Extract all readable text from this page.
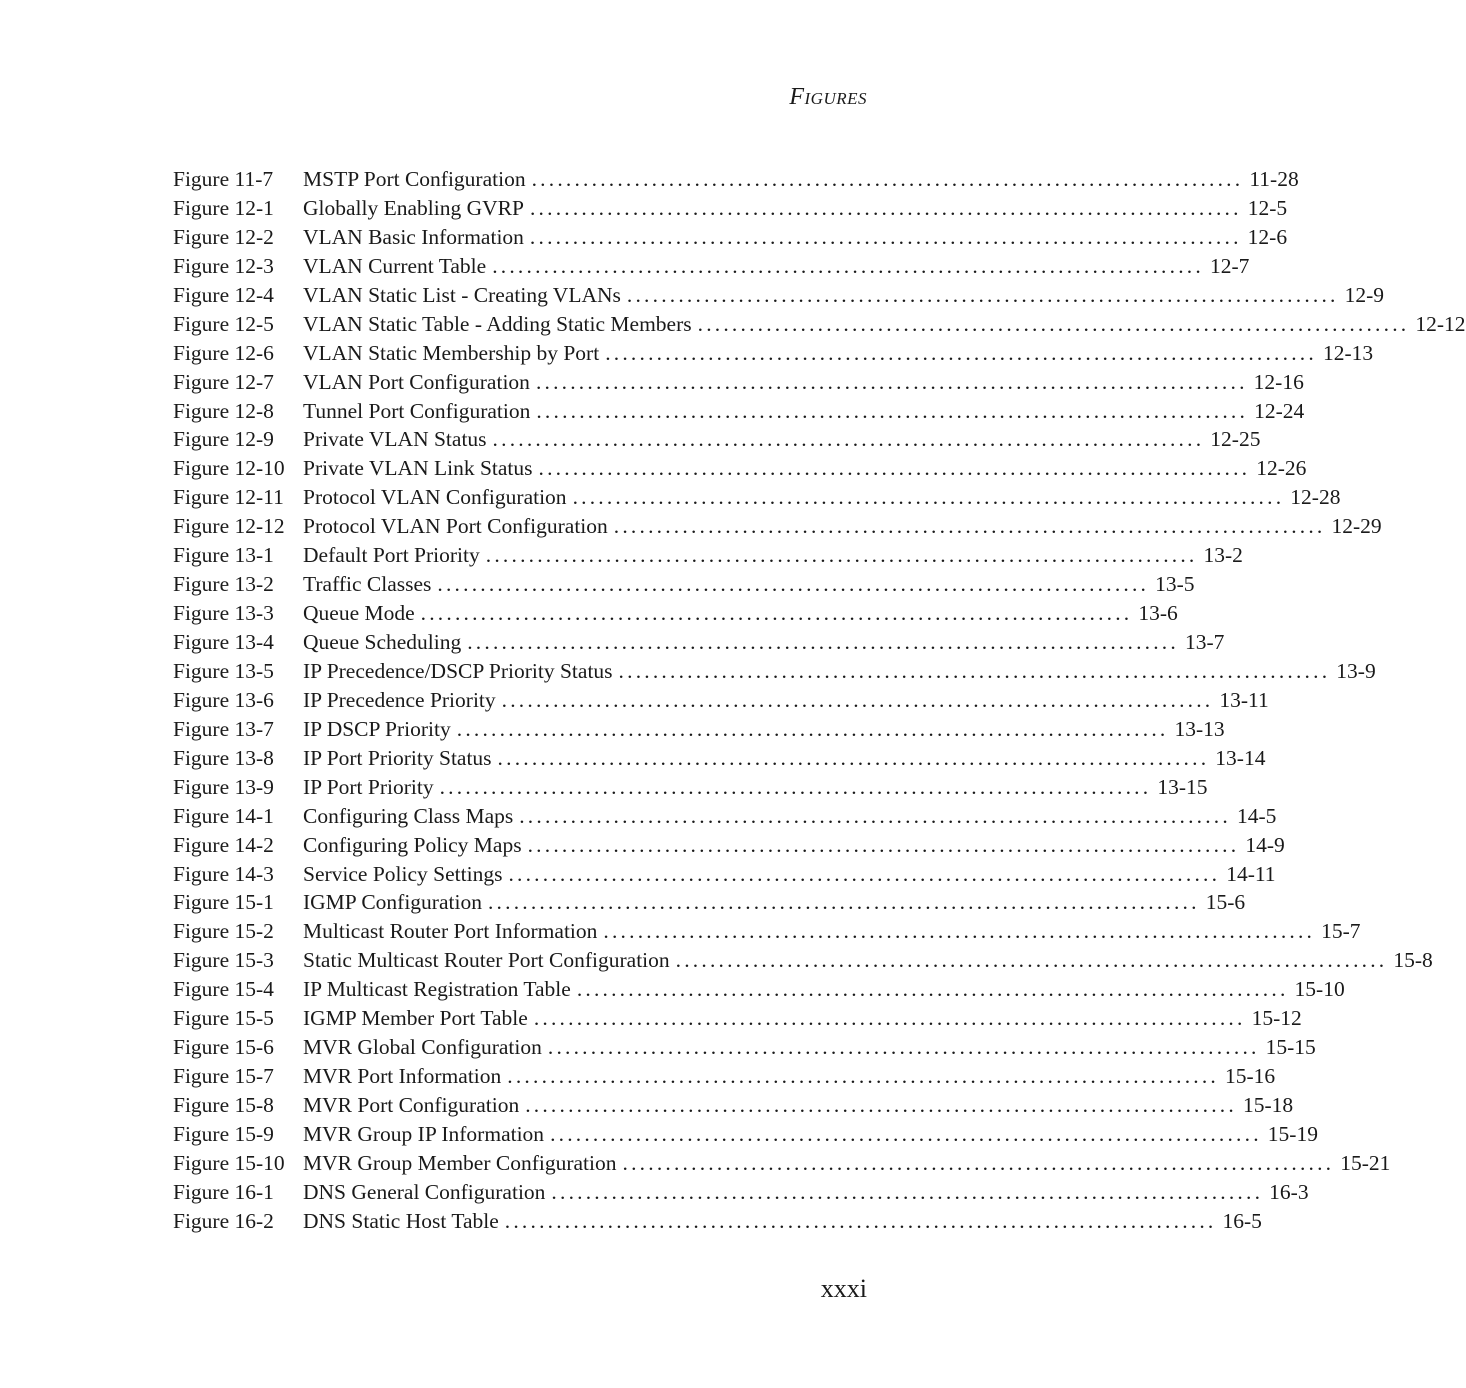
Figures
Figure 11-7	MSTP Port Configuration ................................................................................... 11-28
Figure 12-1	Globally Enabling GVRP ................................................................................... 12-5
Figure 12-2	VLAN Basic Information ................................................................................... 12-6
Figure 12-3	VLAN Current Table ................................................................................... 12-7
Figure 12-4	VLAN Static List - Creating VLANs ................................................................................... 12-9
Figure 12-5	VLAN Static Table - Adding Static Members ................................................................................... 12-12
Figure 12-6	VLAN Static Membership by Port ................................................................................... 12-13
Figure 12-7	VLAN Port Configuration ................................................................................... 12-16
Figure 12-8	Tunnel Port Configuration ................................................................................... 12-24
Figure 12-9	Private VLAN Status ................................................................................... 12-25
Figure 12-10 Private VLAN Link Status ................................................................................... 12-26
Figure 12-11 Protocol VLAN Configuration ................................................................................... 12-28
Figure 12-12 Protocol VLAN Port Configuration ................................................................................... 12-29
Figure 13-1	Default Port Priority ................................................................................... 13-2
Figure 13-2	Traffic Classes ................................................................................... 13-5
Figure 13-3	Queue Mode ................................................................................... 13-6
Figure 13-4	Queue Scheduling ................................................................................... 13-7
Figure 13-5	IP Precedence/DSCP Priority Status ................................................................................... 13-9
Figure 13-6	IP Precedence Priority ................................................................................... 13-11
Figure 13-7	IP DSCP Priority ................................................................................... 13-13
Figure 13-8	IP Port Priority Status ................................................................................... 13-14
Figure 13-9	IP Port Priority ................................................................................... 13-15
Figure 14-1	Configuring Class Maps ................................................................................... 14-5
Figure 14-2	Configuring Policy Maps ................................................................................... 14-9
Figure 14-3	Service Policy Settings ................................................................................... 14-11
Figure 15-1	IGMP Configuration ................................................................................... 15-6
Figure 15-2	Multicast Router Port Information ................................................................................... 15-7
Figure 15-3	Static Multicast Router Port Configuration ................................................................................... 15-8
Figure 15-4	IP Multicast Registration Table ................................................................................... 15-10
Figure 15-5	IGMP Member Port Table ................................................................................... 15-12
Figure 15-6	MVR Global Configuration ................................................................................... 15-15
Figure 15-7	MVR Port Information ................................................................................... 15-16
Figure 15-8	MVR Port Configuration ................................................................................... 15-18
Figure 15-9	MVR Group IP Information ................................................................................... 15-19
Figure 15-10 MVR Group Member Configuration ................................................................................... 15-21
Figure 16-1	DNS General Configuration ................................................................................... 16-3
Figure 16-2	DNS Static Host Table ................................................................................... 16-5
xxxi
